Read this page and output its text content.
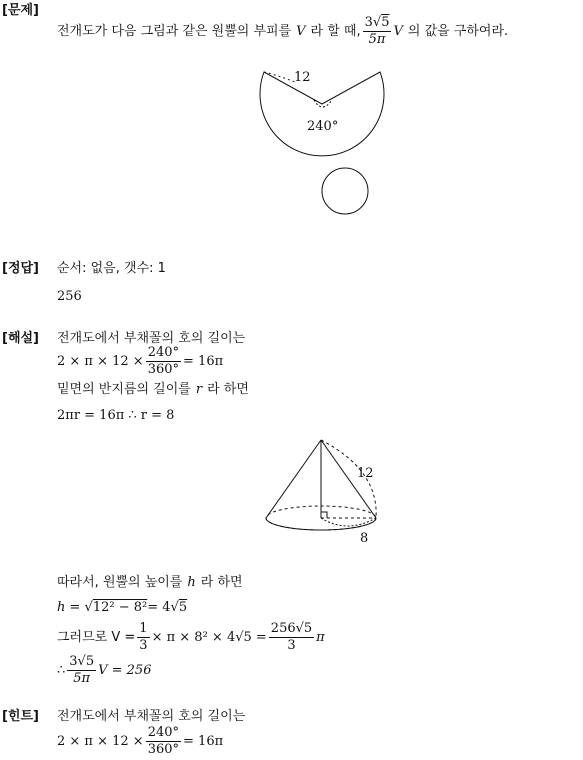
[문제]
전개도가 다음 그림과 같은 원뿔의 부피를 V 라 할 때, $\frac{3√5}{5\pi}$ V 의 값을 구하여라.
12
240°
[정답] 순서: 없음, 갯수: 1
256
[해설] 전개도에서 부채꼴의 호의 길이는
$2 \times \pi \times 12 \times \frac{240^\circ}{360^\circ} = 16\pi$
밑면의 반지름의 길이를 r 라 하면
2πr = 16π ∴ r = 8
12
8
따라서, 원뿔의 높이를 h 라 하면
h = √ 12² − 8² = 4√ 5
그러므로 $V = \frac{1}{3} \times \pi \times 8^2 \times 4√5 = \frac{256√5}{3}$ π
∴ $\frac{3√5}{5\pi}$ V = 256
[힌트] 전개도에서 부채꼴의 호의 길이는
$2 \times \pi \times 12 \times \frac{240^\circ}{360^\circ} = 16\pi$
